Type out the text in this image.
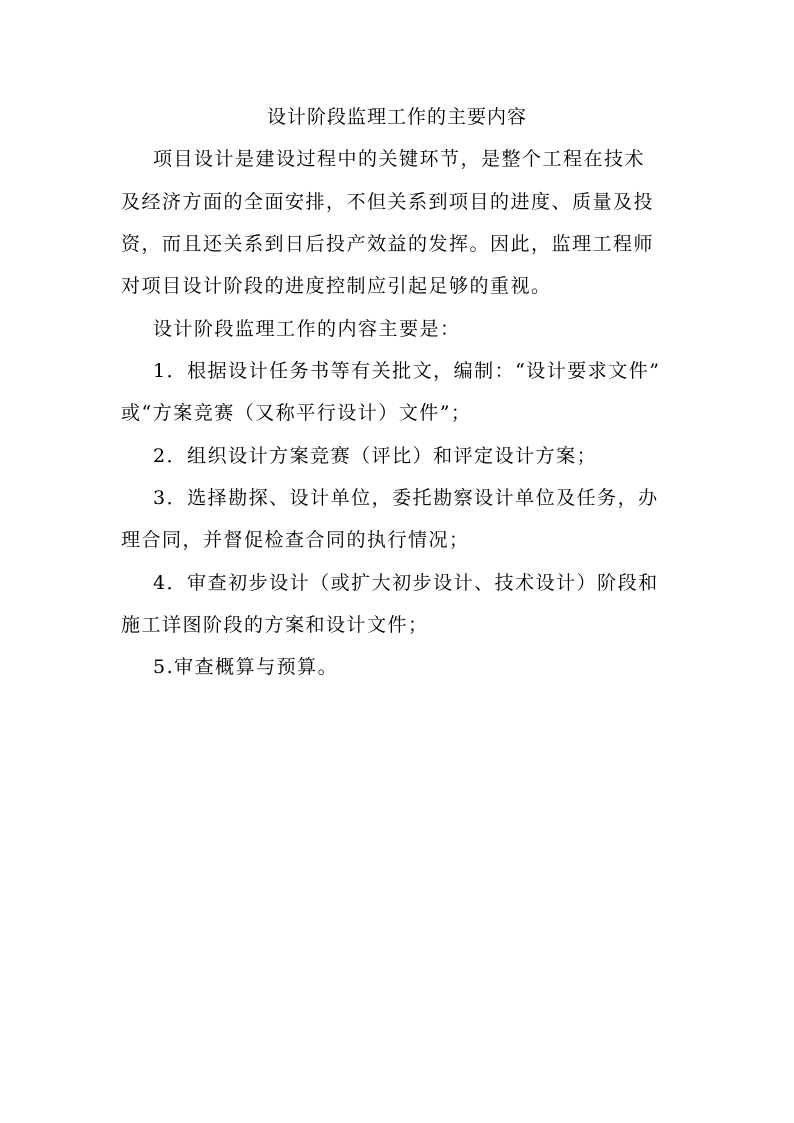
设计阶段监理工作的主要内容
项目设计是建设过程中的关键环节，是整个工程在技术
及经济方面的全面安排，不但关系到项目的进度、质量及投
资，而且还关系到日后投产效益的发挥。因此，监理工程师
对项目设计阶段的进度控制应引起足够的重视。
设计阶段监理工作的内容主要是：
1．根据设计任务书等有关批文，编制：“设计要求文件”
或“方案竞赛（又称平行设计）文件”；
2．组织设计方案竞赛（评比）和评定设计方案；
3．选择勘探、设计单位，委托勘察设计单位及任务，办
理合同，并督促检查合同的执行情况；
4．审查初步设计（或扩大初步设计、技术设计）阶段和
施工详图阶段的方案和设计文件；
5.审查概算与预算。
